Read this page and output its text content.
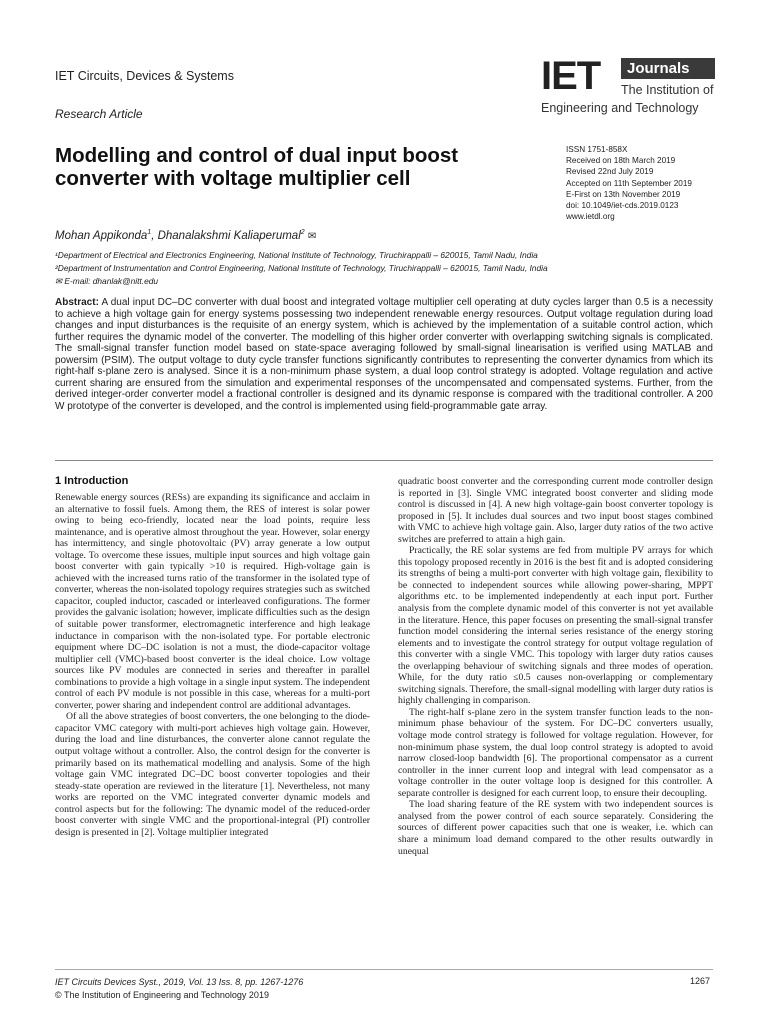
IET Circuits, Devices & Systems
Research Article
IET	Journals
The Institution of
Engineering and Technology
Modelling and control of dual input boost converter with voltage multiplier cell
ISSN 1751-858X
Received on 18th March 2019
Revised 22nd July 2019
Accepted on 11th September 2019
E-First on 13th November 2019
doi: 10.1049/iet-cds.2019.0123
www.ietdl.org
Mohan Appikonda$^1$, Dhanalakshmi Kaliaperumal$^2$ ✉
¹Department of Electrical and Electronics Engineering, National Institute of Technology, Tiruchirappalli – 620015, Tamil Nadu, India
²Department of Instrumentation and Control Engineering, National Institute of Technology, Tiruchirappalli – 620015, Tamil Nadu, India
✉ E-mail: dhanlak@nitt.edu
Abstract: A dual input DC–DC converter with dual boost and integrated voltage multiplier cell operating at duty cycles larger than 0.5 is a necessity to achieve a high voltage gain for energy systems possessing two independent renewable energy resources. Output voltage regulation during load changes and input disturbances is the requisite of an energy system, which is achieved by the implementation of a suitable control action, which further requires the dynamic model of the converter. The modelling of this higher order converter with overlapping switching signals is complicated. The small-signal transfer function model based on state-space averaging followed by small-signal linearisation is verified using MATLAB and powersim (PSIM). The output voltage to duty cycle transfer functions significantly contributes to representing the converter dynamics from which its right-half s-plane zero is analysed. Since it is a non-minimum phase system, a dual loop control strategy is adopted. Voltage regulation and active current sharing are ensured from the simulation and experimental responses of the uncompensated and compensated systems. Further, from the derived integer-order converter model a fractional controller is designed and its dynamic response is compared with the traditional controller. A 200 W prototype of the converter is developed, and the control is implemented using field-programmable gate array.
1 Introduction

Renewable energy sources (RESs) are expanding its significance and acclaim in an alternative to fossil fuels. Among them, the RES of interest is solar power owing to being eco-friendly, located near the load points, require less maintenance, and is operative almost throughout the year. However, solar energy has intermittency, and single photovoltaic (PV) array generate a low output voltage. To overcome these issues, multiple input sources and high voltage gain boost converter with gain typically >10 is required. High-voltage gain is achieved with the increased turns ratio of the transformer in the isolated type of converter, whereas the non-isolated topology requires strategies such as switched capacitor, coupled inductor, cascaded or interleaved configurations. The former provides the galvanic isolation; however, implicate difficulties such as the design of suitable power transformer, electromagnetic interference and high leakage inductance in comparison with the non-isolated type. For portable electronic equipment where DC–DC isolation is not a must, the diode-capacitor voltage multiplier cell (VMC)-based boost converter is the ideal choice. Low voltage sources like PV modules are connected in series and thereafter in parallel combinations to provide a high voltage in a single input system. The independent control of each PV module is not possible in this case, whereas for a multi-port converter, power sharing and independent control are additional advantages.

Of all the above strategies of boost converters, the one belonging to the diode-capacitor VMC category with multi-port achieves high voltage gain. However, during the load and line disturbances, the converter alone cannot regulate the output voltage without a controller. Also, the control design for the converter is primarily based on its mathematical modelling and analysis. Some of the high voltage gain VMC integrated DC–DC boost converter topologies and their steady-state operation are reviewed in the literature [1]. Nevertheless, not many works are reported on the VMC integrated converter dynamic models and control aspects but for the following: The dynamic model of the reduced-order boost converter with single VMC and the proportional-integral (PI) controller design is presented in [2]. Voltage multiplier integrated

quadratic boost converter and the corresponding current mode controller design is reported in [3]. Single VMC integrated boost converter and sliding mode control is discussed in [4]. A new high voltage-gain boost converter topology is proposed in [5]. It includes dual sources and two input boost stages combined with VMC to achieve high voltage gain. Also, larger duty ratios of the two active switches are preferred to attain a high gain.

Practically, the RE solar systems are fed from multiple PV arrays for which this topology proposed recently in 2016 is the best fit and is adopted considering its strengths of being a multi-port converter with high voltage gain, flexibility to be connected to independent sources while allowing power-sharing, MPPT algorithms etc. to be implemented independently at each input port. Further analysis from the complete dynamic model of this converter is not yet available in the literature. Hence, this paper focuses on presenting the small-signal transfer function model considering the internal series resistance of the energy storing elements and to investigate the control strategy for output voltage regulation of this converter with a single VMC. This topology with larger duty ratios causes the overlapping behaviour of switching signals and three modes of operation. While, for the duty ratio ≤0.5 causes non-overlapping or complementary switching signals. Therefore, the small-signal modelling with larger duty ratios is highly challenging in comparison.

The right-half s-plane zero in the system transfer function leads to the non-minimum phase behaviour of the system. For DC–DC converters usually, voltage mode control strategy is followed for voltage regulation. However, for non-minimum phase system, the dual loop control strategy is adopted to avoid narrow closed-loop bandwidth [6]. The proportional compensator as a current controller in the inner current loop and integral with lead compensator as a voltage controller in the outer voltage loop is designed for this controller. A separate controller is designed for each current loop, to ensure their decoupling.

The load sharing feature of the RE system with two independent sources is analysed from the power control of each source separately. Considering the sources of different power capacities such that one is weaker, i.e. which can share a minimum load demand compared to the other results outwardly in unequal

IET Circuits Devices Syst., 2019, Vol. 13 Iss. 8, pp. 1267-1276
© The Institution of Engineering and Technology 2019
1267
